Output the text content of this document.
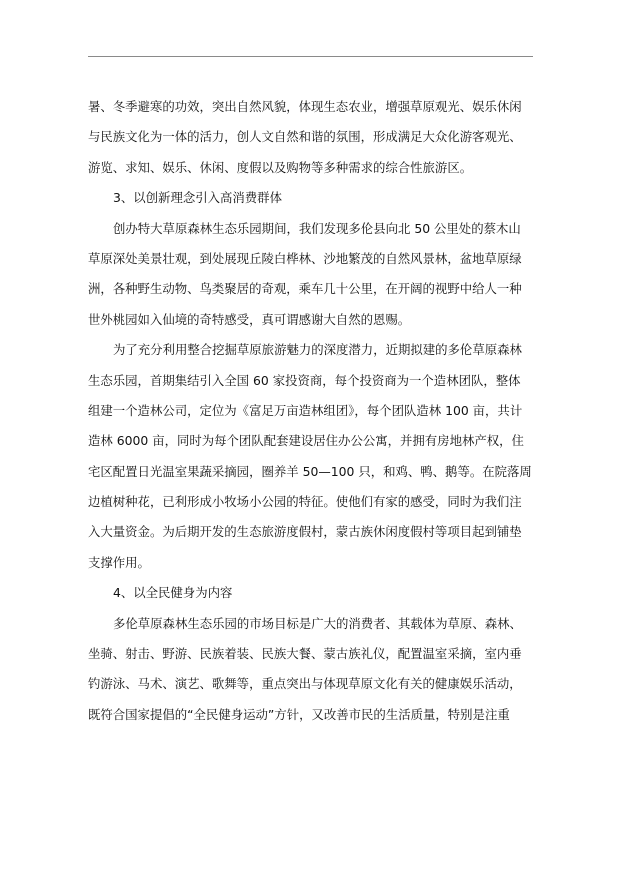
暑、冬季避寒的功效，突出自然风貌，体现生态农业，增强草原观光、娱乐休闲
与民族文化为一体的活力，创人文自然和谐的氛围，形成满足大众化游客观光、
游览、求知、娱乐、休闲、度假以及购物等多种需求的综合性旅游区。
3、以创新理念引入高消费群体
创办特大草原森林生态乐园期间，我们发现多伦县向北 50 公里处的蔡木山
草原深处美景壮观，到处展现丘陵白桦林、沙地繁茂的自然风景林，盆地草原绿
洲，各种野生动物、鸟类聚居的奇观，乘车几十公里，在开阔的视野中给人一种
世外桃园如入仙境的奇特感受，真可谓感谢大自然的恩赐。
为了充分利用整合挖掘草原旅游魅力的深度潜力，近期拟建的多伦草原森林
生态乐园，首期集结引入全国 60 家投资商，每个投资商为一个造林团队，整体
组建一个造林公司，定位为《富足万亩造林组团》，每个团队造林 100 亩，共计
造林 6000 亩，同时为每个团队配套建设居住办公公寓，并拥有房地林产权，住
宅区配置日光温室果蔬采摘园，圈养羊 50—100 只，和鸡、鸭、鹅等。在院落周
边植树种花，已利形成小牧场小公园的特征。使他们有家的感受，同时为我们注
入大量资金。为后期开发的生态旅游度假村，蒙古族休闲度假村等项目起到铺垫
支撑作用。
4、以全民健身为内容
多伦草原森林生态乐园的市场目标是广大的消费者、其载体为草原、森林、
坐骑、射击、野游、民族着装、民族大餐、蒙古族礼仪，配置温室采摘，室内垂
钓游泳、马术、演艺、歌舞等，重点突出与体现草原文化有关的健康娱乐活动，
既符合国家提倡的“全民健身运动”方针，又改善市民的生活质量，特别是注重
